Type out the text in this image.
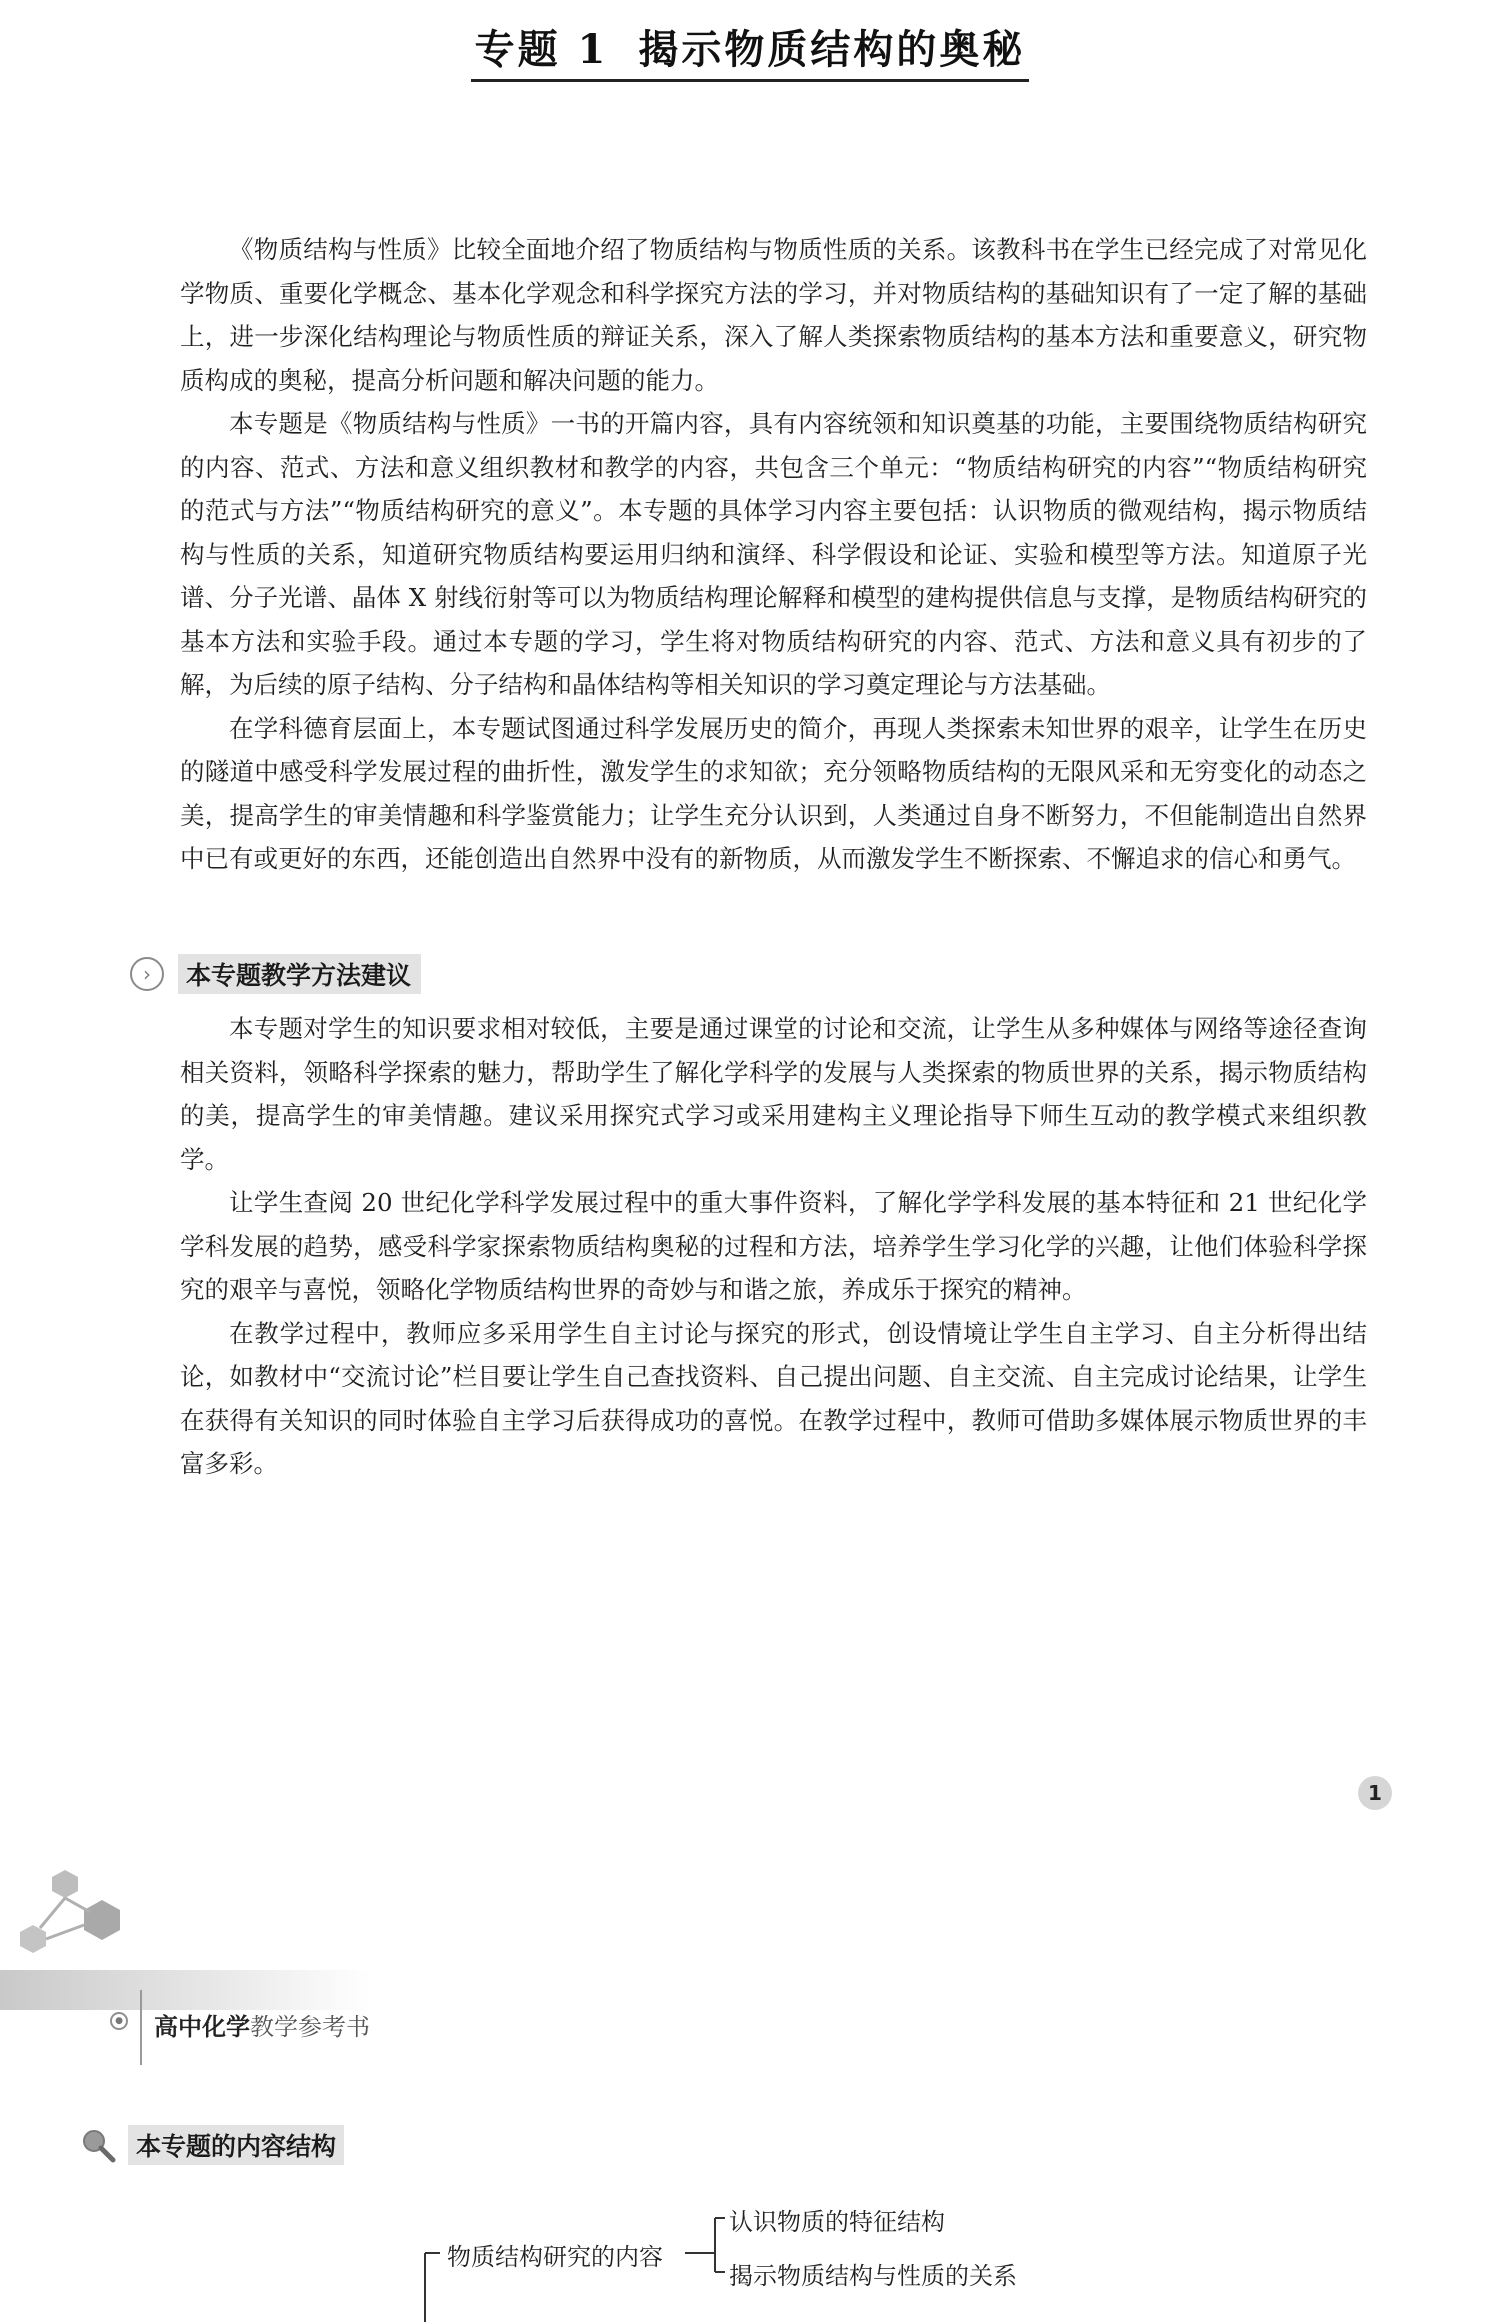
专题 1 揭示物质结构的奥秘

《物质结构与性质》比较全面地介绍了物质结构与物质性质的关系。该教科书在学生已经完成了对常见化学物质、重要化学概念、基本化学观念和科学探究方法的学习，并对物质结构的基础知识有了一定了解的基础上，进一步深化结构理论与物质性质的辩证关系，深入了解人类探索物质结构的基本方法和重要意义，研究物质构成的奥秘，提高分析问题和解决问题的能力。

本专题是《物质结构与性质》一书的开篇内容，具有内容统领和知识奠基的功能，主要围绕物质结构研究的内容、范式、方法和意义组织教材和教学的内容，共包含三个单元：“物质结构研究的内容”“物质结构研究的范式与方法”“物质结构研究的意义”。本专题的具体学习内容主要包括：认识物质的微观结构，揭示物质结构与性质的关系，知道研究物质结构要运用归纳和演绎、科学假设和论证、实验和模型等方法。知道原子光谱、分子光谱、晶体 X 射线衍射等可以为物质结构理论解释和模型的建构提供信息与支撑，是物质结构研究的基本方法和实验手段。通过本专题的学习，学生将对物质结构研究的内容、范式、方法和意义具有初步的了解，为后续的原子结构、分子结构和晶体结构等相关知识的学习奠定理论与方法基础。

在学科德育层面上，本专题试图通过科学发展历史的简介，再现人类探索未知世界的艰辛，让学生在历史的隧道中感受科学发展过程的曲折性，激发学生的求知欲；充分领略物质结构的无限风采和无穷变化的动态之美，提高学生的审美情趣和科学鉴赏能力；让学生充分认识到，人类通过自身不断努力，不但能制造出自然界中已有或更好的东西，还能创造出自然界中没有的新物质，从而激发学生不断探索、不懈追求的信心和勇气。

›	本专题教学方法建议

本专题对学生的知识要求相对较低，主要是通过课堂的讨论和交流，让学生从多种媒体与网络等途径查询相关资料，领略科学探索的魅力，帮助学生了解化学科学的发展与人类探索的物质世界的关系，揭示物质结构的美，提高学生的审美情趣。建议采用探究式学习或采用建构主义理论指导下师生互动的教学模式来组织教学。

让学生查阅 20 世纪化学科学发展过程中的重大事件资料，了解化学学科发展的基本特征和 21 世纪化学学科发展的趋势，感受科学家探索物质结构奥秘的过程和方法，培养学生学习化学的兴趣，让他们体验科学探究的艰辛与喜悦，领略化学物质结构世界的奇妙与和谐之旅，养成乐于探究的精神。

在教学过程中，教师应多采用学生自主讨论与探究的形式，创设情境让学生自主学习、自主分析得出结论，如教材中“交流讨论”栏目要让学生自己查找资料、自己提出问题、自主交流、自主完成讨论结果，让学生在获得有关知识的同时体验自主学习后获得成功的喜悦。在教学过程中，教师可借助多媒体展示物质世界的丰富多彩。

1
● 高中化学教学参考书
本专题的内容结构
物质结构研究的内容
认识物质的特征结构
揭示物质结构与性质的关系
